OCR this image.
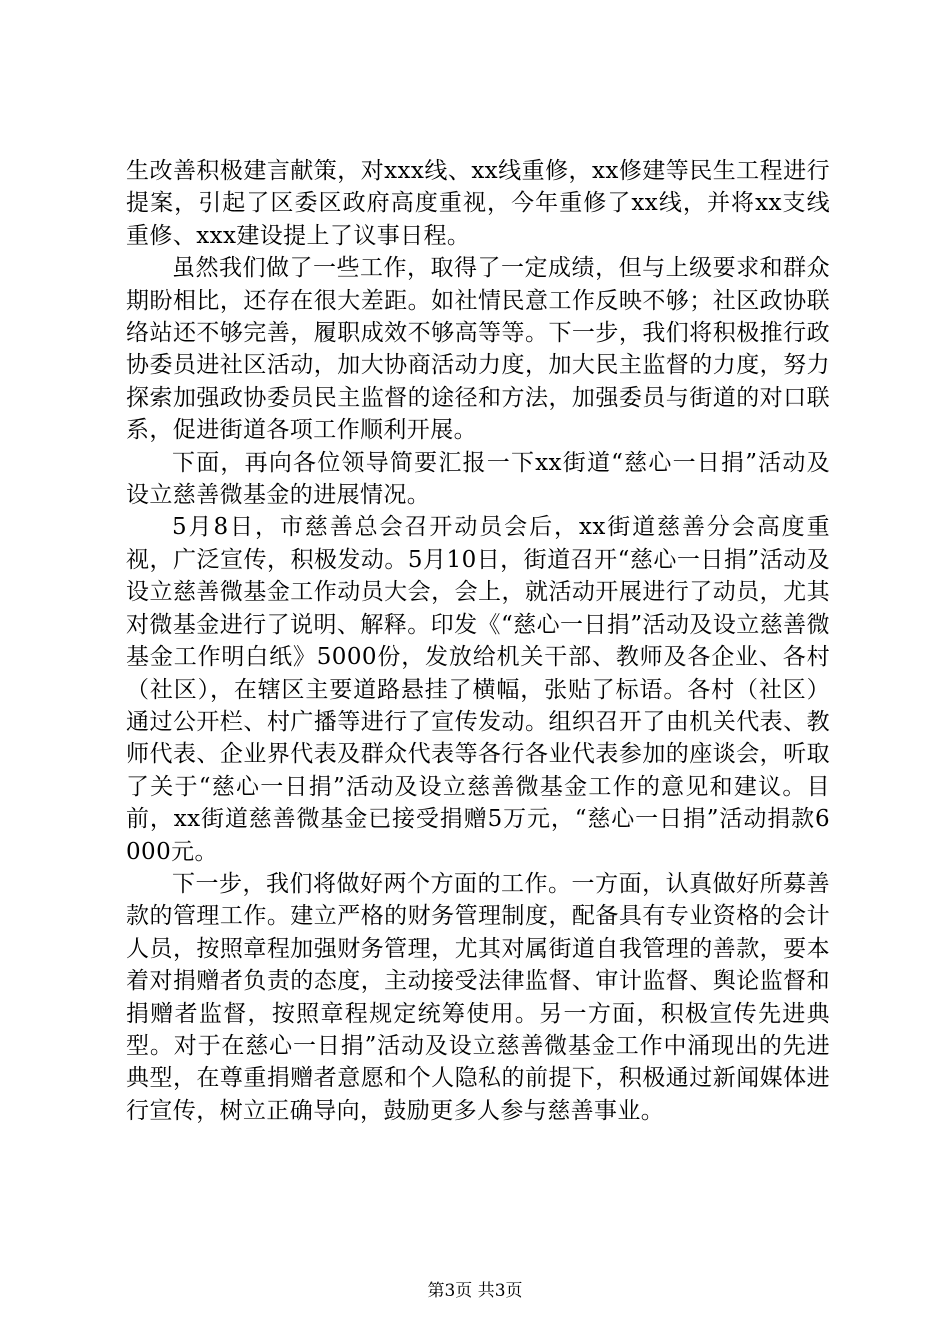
生改善积极建言献策，对xxx线、xx线重修，xx修建等民生工程进行提案，引起了区委区政府高度重视，今年重修了xx线，并将xx支线重修、xxx建设提上了议事日程。

虽然我们做了一些工作，取得了一定成绩，但与上级要求和群众期盼相比，还存在很大差距。如社情民意工作反映不够；社区政协联络站还不够完善，履职成效不够高等等。下一步，我们将积极推行政协委员进社区活动，加大协商活动力度，加大民主监督的力度，努力探索加强政协委员民主监督的途径和方法，加强委员与街道的对口联系，促进街道各项工作顺利开展。

下面，再向各位领导简要汇报一下xx街道“慈心一日捐”活动及设立慈善微基金的进展情况。

5月8日，市慈善总会召开动员会后，xx街道慈善分会高度重视，广泛宣传，积极发动。5月10日，街道召开“慈心一日捐”活动及设立慈善微基金工作动员大会，会上，就活动开展进行了动员，尤其对微基金进行了说明、解释。印发《“慈心一日捐”活动及设立慈善微基金工作明白纸》5000份，发放给机关干部、教师及各企业、各村（社区），在辖区主要道路悬挂了横幅，张贴了标语。各村（社区）通过公开栏、村广播等进行了宣传发动。组织召开了由机关代表、教师代表、企业界代表及群众代表等各行各业代表参加的座谈会，听取了关于“慈心一日捐”活动及设立慈善微基金工作的意见和建议。目前，xx街道慈善微基金已接受捐赠5万元，“慈心一日捐”活动捐款6000元。

下一步，我们将做好两个方面的工作。一方面，认真做好所募善款的管理工作。建立严格的财务管理制度，配备具有专业资格的会计人员，按照章程加强财务管理，尤其对属街道自我管理的善款，要本着对捐赠者负责的态度，主动接受法律监督、审计监督、舆论监督和捐赠者监督，按照章程规定统筹使用。另一方面，积极宣传先进典型。对于在慈心一日捐”活动及设立慈善微基金工作中涌现出的先进典型，在尊重捐赠者意愿和个人隐私的前提下，积极通过新闻媒体进行宣传，树立正确导向，鼓励更多人参与慈善事业。

第3页 共3页
